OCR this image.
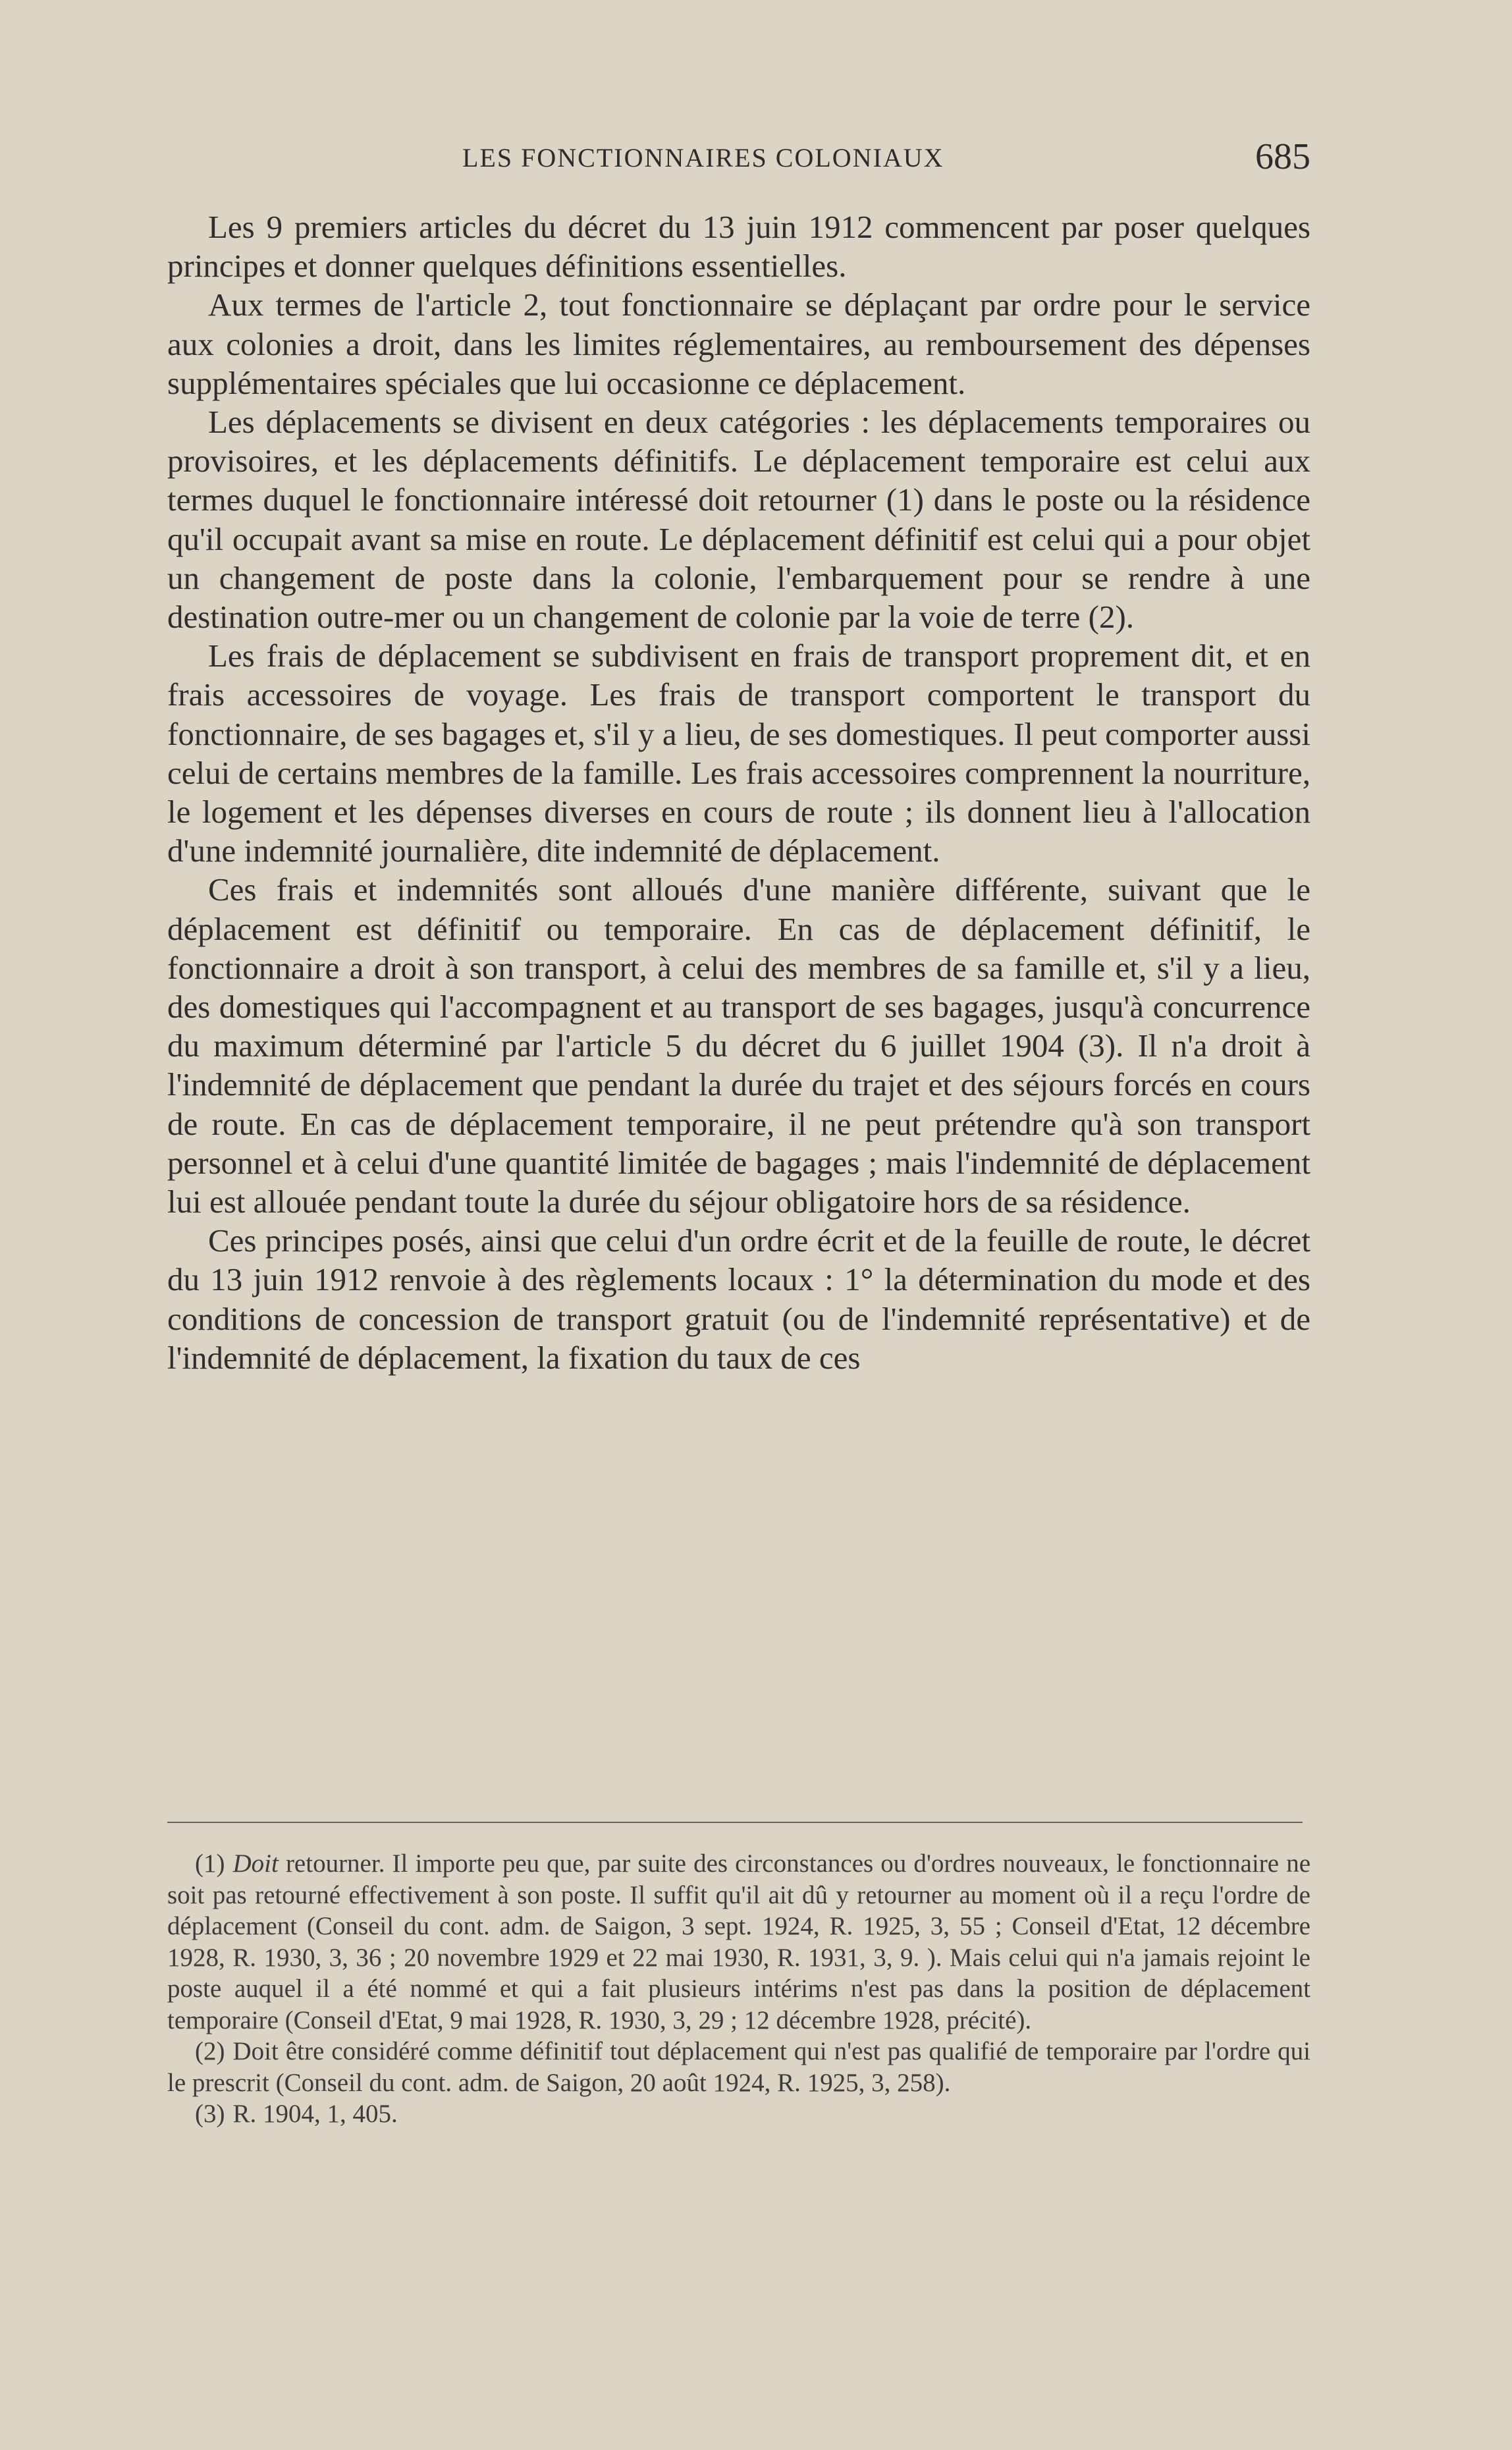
LES FONCTIONNAIRES COLONIAUX	685

Les 9 premiers articles du décret du 13 juin 1912 commencent par poser quelques principes et donner quelques définitions essentielles.

Aux termes de l'article 2, tout fonctionnaire se déplaçant par ordre pour le service aux colonies a droit, dans les limites réglementaires, au remboursement des dépenses supplémentaires spéciales que lui occasionne ce déplacement.

Les déplacements se divisent en deux catégories : les déplacements temporaires ou provisoires, et les déplacements définitifs. Le déplacement temporaire est celui aux termes duquel le fonctionnaire intéressé doit retourner (1) dans le poste ou la résidence qu'il occupait avant sa mise en route. Le déplacement définitif est celui qui a pour objet un changement de poste dans la colonie, l'embarquement pour se rendre à une destination outre-mer ou un changement de colonie par la voie de terre (2).

Les frais de déplacement se subdivisent en frais de transport proprement dit, et en frais accessoires de voyage. Les frais de transport comportent le transport du fonctionnaire, de ses bagages et, s'il y a lieu, de ses domestiques. Il peut comporter aussi celui de certains membres de la famille. Les frais accessoires comprennent la nourriture, le logement et les dépenses diverses en cours de route ; ils donnent lieu à l'allocation d'une indemnité journalière, dite indemnité de déplacement.

Ces frais et indemnités sont alloués d'une manière différente, suivant que le déplacement est définitif ou temporaire. En cas de déplacement définitif, le fonctionnaire a droit à son transport, à celui des membres de sa famille et, s'il y a lieu, des domestiques qui l'accompagnent et au transport de ses bagages, jusqu'à concurrence du maximum déterminé par l'article 5 du décret du 6 juillet 1904 (3). Il n'a droit à l'indemnité de déplacement que pendant la durée du trajet et des séjours forcés en cours de route. En cas de déplacement temporaire, il ne peut prétendre qu'à son transport personnel et à celui d'une quantité limitée de bagages ; mais l'indemnité de déplacement lui est allouée pendant toute la durée du séjour obligatoire hors de sa résidence.

Ces principes posés, ainsi que celui d'un ordre écrit et de la feuille de route, le décret du 13 juin 1912 renvoie à des règlements locaux : 1° la détermination du mode et des conditions de concession de transport gratuit (ou de l'indemnité représentative) et de l'indemnité de déplacement, la fixation du taux de ces

(1) Doit retourner. Il importe peu que, par suite des circonstances ou d'ordres nouveaux, le fonctionnaire ne soit pas retourné effectivement à son poste. Il suffit qu'il ait dû y retourner au moment où il a reçu l'ordre de déplacement (Conseil du cont. adm. de Saigon, 3 sept. 1924, R. 1925, 3, 55 ; Conseil d'Etat, 12 décembre 1928, R. 1930, 3, 36 ; 20 novembre 1929 et 22 mai 1930, R. 1931, 3, 9. ). Mais celui qui n'a jamais rejoint le poste auquel il a été nommé et qui a fait plusieurs intérims n'est pas dans la position de déplacement temporaire (Conseil d'Etat, 9 mai 1928, R. 1930, 3, 29 ; 12 décembre 1928, précité).

(2) Doit être considéré comme définitif tout déplacement qui n'est pas qualifié de temporaire par l'ordre qui le prescrit (Conseil du cont. adm. de Saigon, 20 août 1924, R. 1925, 3, 258).

(3) R. 1904, 1, 405.
